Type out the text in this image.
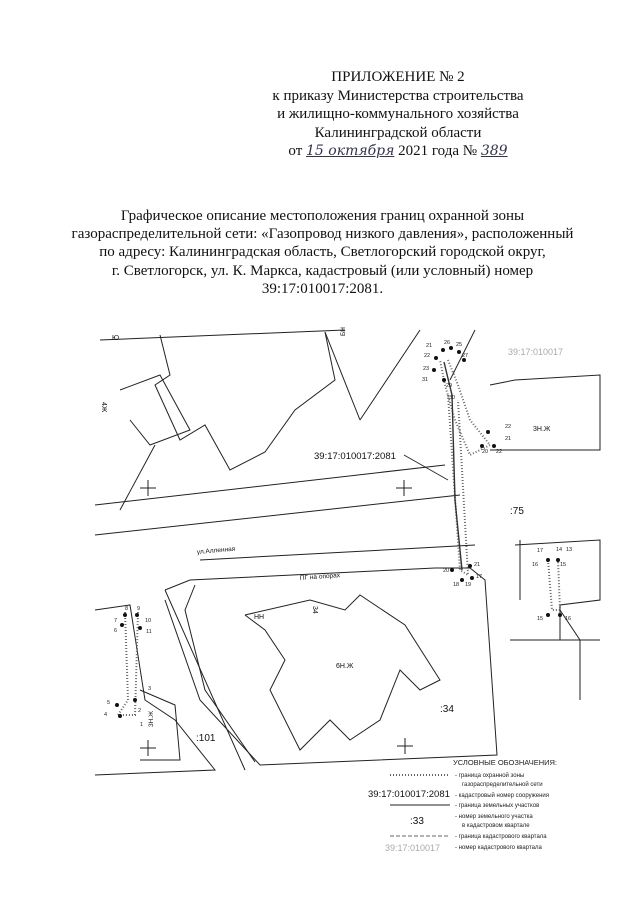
ПРИЛОЖЕНИЕ № 2
к приказу Министерства строительства
и жилищно-коммунального хозяйства
Калининградской области
от 15 октября 2021 года № 389
Графическое описание местоположения границ охранной зоны
газораспределительной сети: «Газопровод низкого давления», расположенный
по адресу: Калининградская область, Светлогорский городской округ,
г. Светлогорск, ул. К. Маркса, кадастровый (или условный) номер
39:17:010017:2081.
21 26 25
22	27
23
31
29
30
22
21
20 22
20
18 19
17
21
17 14 13
16	15
15	16
8 9
7	10
6	11
5
3
4
2
1
39:17:010017:2081
39:17:010017
:75
:34
:101
ул.Алленная
ПГ на опорах
НН
6Н.Ж
34
3Н.Ж
3Н.Ж
Ю
4Ж
БН
УСЛОВНЫЕ ОБОЗНАЧЕНИЯ:
- граница охранной зоны
газораспределительной сети
39:17:010017:2081 - кадастровый номер сооружения
- граница земельных участков
:33	- номер земельного участка
в кадастровом квартале
- граница кадастрового квартала
39:17:010017 - номер кадастрового квартала
